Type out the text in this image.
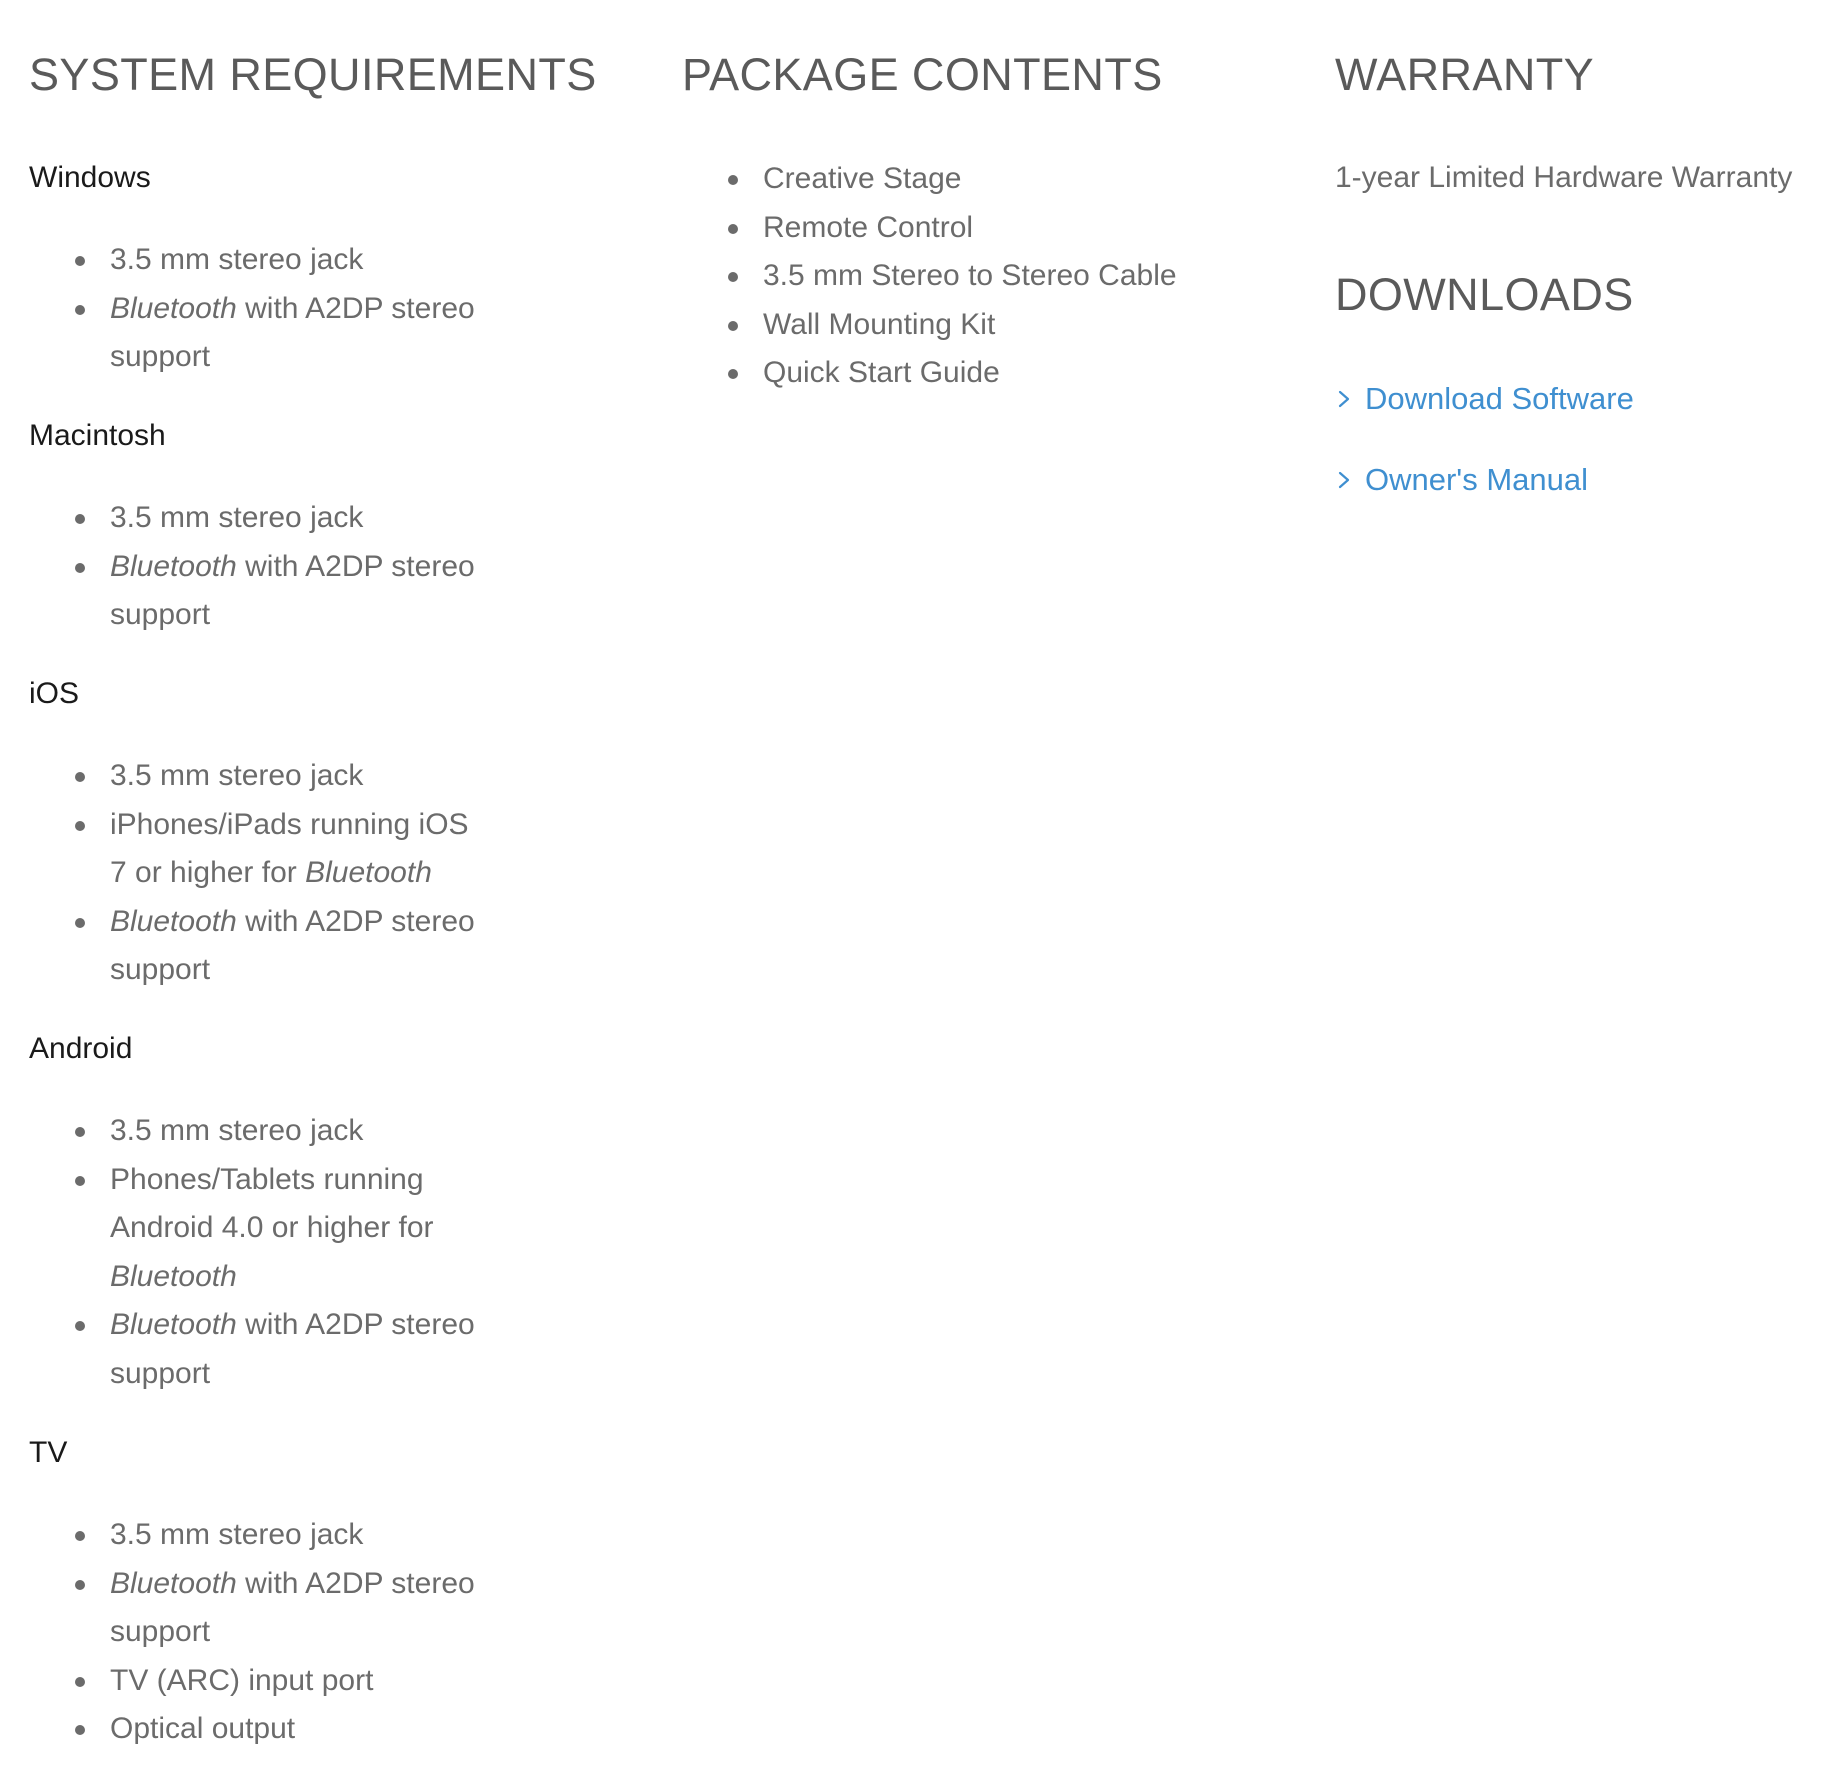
SYSTEM REQUIREMENTS
Windows
3.5 mm stereo jack
Bluetooth with A2DP stereo
support
Macintosh
3.5 mm stereo jack
Bluetooth with A2DP stereo
support
iOS
3.5 mm stereo jack
iPhones/iPads running iOS
7 or higher for Bluetooth
Bluetooth with A2DP stereo
support
Android
3.5 mm stereo jack
Phones/Tablets running
Android 4.0 or higher for
Bluetooth
Bluetooth with A2DP stereo
support
TV
3.5 mm stereo jack
Bluetooth with A2DP stereo
support
TV (ARC) input port
Optical output
PACKAGE CONTENTS
Creative Stage
Remote Control
3.5 mm Stereo to Stereo Cable
Wall Mounting Kit
Quick Start Guide
WARRANTY
1-year Limited Hardware Warranty
DOWNLOADS
Download Software
Owner's Manual
